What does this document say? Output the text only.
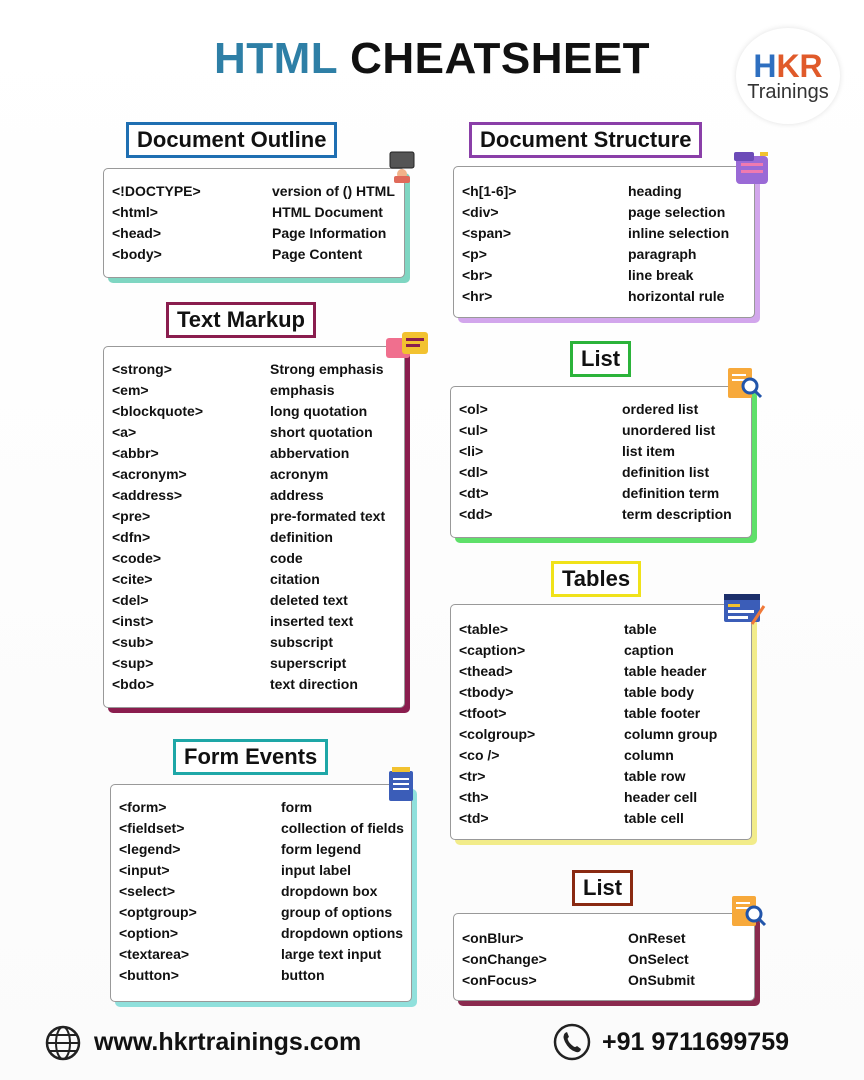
HTML CHEATSHEET	HKR
Trainings
<!DOCTYPE>	version of () HTML
<html>	HTML Document
<head>	Page Information
<body>	Page Content
Document Outline
<h[1-6]>	heading
<div>	page selection
<span>	inline selection
<p>	paragraph
<br>	line break
<hr>	horizontal rule
Document Structure
<strong>	Strong emphasis
<em>	emphasis
<blockquote>	long quotation
<a>	short quotation
<abbr>	abbervation
<acronym>	acronym
<address>	address
<pre>	pre-formated text
<dfn>	definition
<code>	code
<cite>	citation
<del>	deleted text
<inst>	inserted text
<sub>	subscript
<sup>	superscript
<bdo>	text direction
Text Markup
<ol>	ordered list
<ul>	unordered list
<li>	list item
<dl>	definition list
<dt>	definition term
<dd>	term description
List
<table>	table
<caption>	caption
<thead>	table header
<tbody>	table body
<tfoot>	table footer
<colgroup>	column group
<co />	column
<tr>	table row
<th>	header cell
<td>	table cell
Tables
<form>	form
<fieldset>	collection of fields
<legend>	form legend
<input>	input label
<select>	dropdown box
<optgroup>	group of options
<option>	dropdown options
<textarea>	large text input
<button>	button
Form Events
<onBlur>	OnReset
<onChange>	OnSelect
<onFocus>	OnSubmit
List
www.hkrtrainings.com	+91 9711699759
